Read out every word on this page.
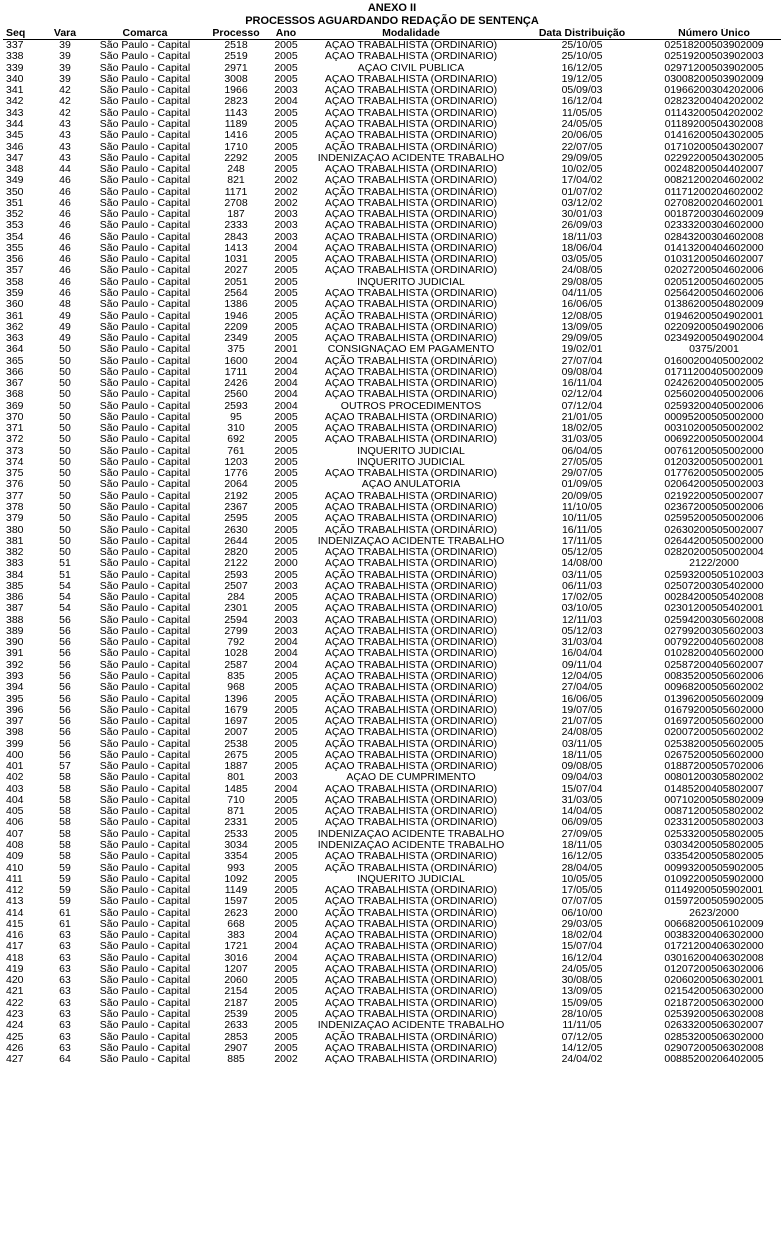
ANEXO II
PROCESSOS AGUARDANDO REDAÇÃO DE SENTENÇA
Seq	Vara	Comarca	Processo	Ano	Modalidade	Data Distribuição	Número Único
337	39	São Paulo - Capital	2518	2005	AÇÃO TRABALHISTA (ORDINÁRIO)	25/10/05	02518200503902009
338	39	São Paulo - Capital	2519	2005	AÇÃO TRABALHISTA (ORDINÁRIO)	25/10/05	02519200503902003
339	39	São Paulo - Capital	2971	2005	AÇÃO CIVIL PÚBLICA	16/12/05	02971200503902005
340	39	São Paulo - Capital	3008	2005	AÇÃO TRABALHISTA (ORDINÁRIO)	19/12/05	03008200503902009
341	42	São Paulo - Capital	1966	2003	AÇÃO TRABALHISTA (ORDINÁRIO)	05/09/03	01966200304202006
342	42	São Paulo - Capital	2823	2004	AÇÃO TRABALHISTA (ORDINÁRIO)	16/12/04	02823200404202002
343	42	São Paulo - Capital	1143	2005	AÇÃO TRABALHISTA (ORDINÁRIO)	11/05/05	01143200504202002
344	43	São Paulo - Capital	1189	2005	AÇÃO TRABALHISTA (ORDINÁRIO)	24/05/05	01189200504302008
345	43	São Paulo - Capital	1416	2005	AÇÃO TRABALHISTA (ORDINÁRIO)	20/06/05	01416200504302005
346	43	São Paulo - Capital	1710	2005	AÇÃO TRABALHISTA (ORDINÁRIO)	22/07/05	01710200504302007
347	43	São Paulo - Capital	2292	2005	INDENIZAÇÃO ACIDENTE TRABALHO	29/09/05	02292200504302005
348	44	São Paulo - Capital	248	2005	AÇÃO TRABALHISTA (ORDINÁRIO)	10/02/05	00248200504402007
349	46	São Paulo - Capital	821	2002	AÇÃO TRABALHISTA (ORDINÁRIO)	17/04/02	00821200204602002
350	46	São Paulo - Capital	1171	2002	AÇÃO TRABALHISTA (ORDINÁRIO)	01/07/02	01171200204602002
351	46	São Paulo - Capital	2708	2002	AÇÃO TRABALHISTA (ORDINÁRIO)	03/12/02	02708200204602001
352	46	São Paulo - Capital	187	2003	AÇÃO TRABALHISTA (ORDINÁRIO)	30/01/03	00187200304602009
353	46	São Paulo - Capital	2333	2003	AÇÃO TRABALHISTA (ORDINÁRIO)	26/09/03	02333200304602000
354	46	São Paulo - Capital	2843	2003	AÇÃO TRABALHISTA (ORDINÁRIO)	18/11/03	02843200304602008
355	46	São Paulo - Capital	1413	2004	AÇÃO TRABALHISTA (ORDINÁRIO)	18/06/04	01413200404602000
356	46	São Paulo - Capital	1031	2005	AÇÃO TRABALHISTA (ORDINÁRIO)	03/05/05	01031200504602007
357	46	São Paulo - Capital	2027	2005	AÇÃO TRABALHISTA (ORDINÁRIO)	24/08/05	02027200504602006
358	46	São Paulo - Capital	2051	2005	INQUÉRITO JUDICIAL	29/08/05	02051200504602005
359	46	São Paulo - Capital	2564	2005	AÇÃO TRABALHISTA (ORDINÁRIO)	04/11/05	02564200504602006
360	48	São Paulo - Capital	1386	2005	AÇÃO TRABALHISTA (ORDINÁRIO)	16/06/05	01386200504802009
361	49	São Paulo - Capital	1946	2005	AÇÃO TRABALHISTA (ORDINÁRIO)	12/08/05	01946200504902001
362	49	São Paulo - Capital	2209	2005	AÇÃO TRABALHISTA (ORDINÁRIO)	13/09/05	02209200504902006
363	49	São Paulo - Capital	2349	2005	AÇÃO TRABALHISTA (ORDINÁRIO)	29/09/05	02349200504902004
364	50	São Paulo - Capital	375	2001	CONSIGNAÇÃO EM PAGAMENTO	19/02/01	0375/2001
365	50	São Paulo - Capital	1600	2004	AÇÃO TRABALHISTA (ORDINÁRIO)	27/07/04	01600200405002002
366	50	São Paulo - Capital	1711	2004	AÇÃO TRABALHISTA (ORDINÁRIO)	09/08/04	01711200405002009
367	50	São Paulo - Capital	2426	2004	AÇÃO TRABALHISTA (ORDINÁRIO)	16/11/04	02426200405002005
368	50	São Paulo - Capital	2560	2004	AÇÃO TRABALHISTA (ORDINÁRIO)	02/12/04	02560200405002006
369	50	São Paulo - Capital	2593	2004	OUTROS PROCEDIMENTOS	07/12/04	02593200405002006
370	50	São Paulo - Capital	95	2005	AÇÃO TRABALHISTA (ORDINÁRIO)	21/01/05	00095200505002000
371	50	São Paulo - Capital	310	2005	AÇÃO TRABALHISTA (ORDINÁRIO)	18/02/05	00310200505002002
372	50	São Paulo - Capital	692	2005	AÇÃO TRABALHISTA (ORDINÁRIO)	31/03/05	00692200505002004
373	50	São Paulo - Capital	761	2005	INQUÉRITO JUDICIAL	06/04/05	00761200505002000
374	50	São Paulo - Capital	1203	2005	INQUÉRITO JUDICIAL	27/05/05	01203200505002001
375	50	São Paulo - Capital	1776	2005	AÇÃO TRABALHISTA (ORDINÁRIO)	29/07/05	01776200505002005
376	50	São Paulo - Capital	2064	2005	AÇÃO ANULATÓRIA	01/09/05	02064200505002003
377	50	São Paulo - Capital	2192	2005	AÇÃO TRABALHISTA (ORDINÁRIO)	20/09/05	02192200505002007
378	50	São Paulo - Capital	2367	2005	AÇÃO TRABALHISTA (ORDINÁRIO)	11/10/05	02367200505002006
379	50	São Paulo - Capital	2595	2005	AÇÃO TRABALHISTA (ORDINÁRIO)	10/11/05	02595200505002006
380	50	São Paulo - Capital	2630	2005	AÇÃO TRABALHISTA (ORDINÁRIO)	16/11/05	02630200505002007
381	50	São Paulo - Capital	2644	2005	INDENIZAÇÃO ACIDENTE TRABALHO	17/11/05	02644200505002000
382	50	São Paulo - Capital	2820	2005	AÇÃO TRABALHISTA (ORDINÁRIO)	05/12/05	02820200505002004
383	51	São Paulo - Capital	2122	2000	AÇÃO TRABALHISTA (ORDINÁRIO)	14/08/00	2122/2000
384	51	São Paulo - Capital	2593	2005	AÇÃO TRABALHISTA (ORDINÁRIO)	03/11/05	02593200505102003
385	54	São Paulo - Capital	2507	2003	AÇÃO TRABALHISTA (ORDINÁRIO)	06/11/03	02507200305402000
386	54	São Paulo - Capital	284	2005	AÇÃO TRABALHISTA (ORDINÁRIO)	17/02/05	00284200505402008
387	54	São Paulo - Capital	2301	2005	AÇÃO TRABALHISTA (ORDINÁRIO)	03/10/05	02301200505402001
388	56	São Paulo - Capital	2594	2003	AÇÃO TRABALHISTA (ORDINÁRIO)	12/11/03	02594200305602008
389	56	São Paulo - Capital	2799	2003	AÇÃO TRABALHISTA (ORDINÁRIO)	05/12/03	02799200305602003
390	56	São Paulo - Capital	792	2004	AÇÃO TRABALHISTA (ORDINÁRIO)	31/03/04	00792200405602008
391	56	São Paulo - Capital	1028	2004	AÇÃO TRABALHISTA (ORDINÁRIO)	16/04/04	01028200405602000
392	56	São Paulo - Capital	2587	2004	AÇÃO TRABALHISTA (ORDINÁRIO)	09/11/04	02587200405602007
393	56	São Paulo - Capital	835	2005	AÇÃO TRABALHISTA (ORDINÁRIO)	12/04/05	00835200505602006
394	56	São Paulo - Capital	968	2005	AÇÃO TRABALHISTA (ORDINÁRIO)	27/04/05	00968200505602002
395	56	São Paulo - Capital	1396	2005	AÇÃO TRABALHISTA (ORDINÁRIO)	16/06/05	01396200505602009
396	56	São Paulo - Capital	1679	2005	AÇÃO TRABALHISTA (ORDINÁRIO)	19/07/05	01679200505602000
397	56	São Paulo - Capital	1697	2005	AÇÃO TRABALHISTA (ORDINÁRIO)	21/07/05	01697200505602000
398	56	São Paulo - Capital	2007	2005	AÇÃO TRABALHISTA (ORDINÁRIO)	24/08/05	02007200505602002
399	56	São Paulo - Capital	2538	2005	AÇÃO TRABALHISTA (ORDINÁRIO)	03/11/05	02538200505602005
400	56	São Paulo - Capital	2675	2005	AÇÃO TRABALHISTA (ORDINÁRIO)	18/11/05	02675200505602000
401	57	São Paulo - Capital	1887	2005	AÇÃO TRABALHISTA (ORDINÁRIO)	09/08/05	01887200505702006
402	58	São Paulo - Capital	801	2003	AÇÃO DE CUMPRIMENTO	09/04/03	00801200305802002
403	58	São Paulo - Capital	1485	2004	AÇÃO TRABALHISTA (ORDINÁRIO)	15/07/04	01485200405802007
404	58	São Paulo - Capital	710	2005	AÇÃO TRABALHISTA (ORDINÁRIO)	31/03/05	00710200505802009
405	58	São Paulo - Capital	871	2005	AÇÃO TRABALHISTA (ORDINÁRIO)	14/04/05	00871200505802002
406	58	São Paulo - Capital	2331	2005	AÇÃO TRABALHISTA (ORDINÁRIO)	06/09/05	02331200505802003
407	58	São Paulo - Capital	2533	2005	INDENIZAÇÃO ACIDENTE TRABALHO	27/09/05	02533200505802005
408	58	São Paulo - Capital	3034	2005	INDENIZAÇÃO ACIDENTE TRABALHO	18/11/05	03034200505802005
409	58	São Paulo - Capital	3354	2005	AÇÃO TRABALHISTA (ORDINÁRIO)	16/12/05	03354200505802005
410	59	São Paulo - Capital	993	2005	AÇÃO TRABALHISTA (ORDINÁRIO)	28/04/05	00993200505902005
411	59	São Paulo - Capital	1092	2005	INQUÉRITO JUDICIAL	10/05/05	01092200505902000
412	59	São Paulo - Capital	1149	2005	AÇÃO TRABALHISTA (ORDINÁRIO)	17/05/05	01149200505902001
413	59	São Paulo - Capital	1597	2005	AÇÃO TRABALHISTA (ORDINÁRIO)	07/07/05	01597200505902005
414	61	São Paulo - Capital	2623	2000	AÇÃO TRABALHISTA (ORDINÁRIO)	06/10/00	2623/2000
415	61	São Paulo - Capital	668	2005	AÇÃO TRABALHISTA (ORDINÁRIO)	29/03/05	00668200506102009
416	63	São Paulo - Capital	383	2004	AÇÃO TRABALHISTA (ORDINÁRIO)	18/02/04	00383200406302000
417	63	São Paulo - Capital	1721	2004	AÇÃO TRABALHISTA (ORDINÁRIO)	15/07/04	01721200406302000
418	63	São Paulo - Capital	3016	2004	AÇÃO TRABALHISTA (ORDINÁRIO)	16/12/04	03016200406302008
419	63	São Paulo - Capital	1207	2005	AÇÃO TRABALHISTA (ORDINÁRIO)	24/05/05	01207200506302006
420	63	São Paulo - Capital	2060	2005	AÇÃO TRABALHISTA (ORDINÁRIO)	30/08/05	02060200506302001
421	63	São Paulo - Capital	2154	2005	AÇÃO TRABALHISTA (ORDINÁRIO)	13/09/05	02154200506302000
422	63	São Paulo - Capital	2187	2005	AÇÃO TRABALHISTA (ORDINÁRIO)	15/09/05	02187200506302000
423	63	São Paulo - Capital	2539	2005	AÇÃO TRABALHISTA (ORDINÁRIO)	28/10/05	02539200506302008
424	63	São Paulo - Capital	2633	2005	INDENIZAÇÃO ACIDENTE TRABALHO	11/11/05	02633200506302007
425	63	São Paulo - Capital	2853	2005	AÇÃO TRABALHISTA (ORDINÁRIO)	07/12/05	02853200506302000
426	63	São Paulo - Capital	2907	2005	AÇÃO TRABALHISTA (ORDINÁRIO)	14/12/05	02907200506302008
427	64	São Paulo - Capital	885	2002	AÇÃO TRABALHISTA (ORDINÁRIO)	24/04/02	00885200206402005
